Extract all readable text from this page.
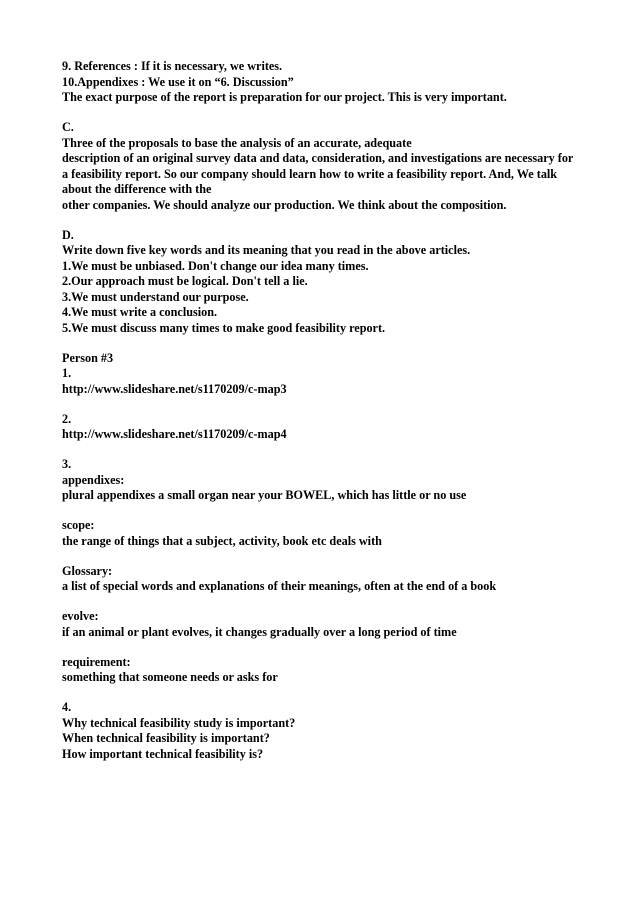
9. References : If it is necessary, we writes.
10.Appendixes : We use it on “6. Discussion”
The exact purpose of the report is preparation for our project. This is very important.
C.
Three of the proposals to base the analysis of an accurate, adequate
description of an original survey data and data, consideration, and investigations are necessary for a feasibility report. So our company should learn how to write a feasibility report. And, We talk about the difference with the
other companies. We should analyze our production. We think about the composition.
D.
Write down five key words and its meaning that you read in the above articles.
1.We must be unbiased. Don't change our idea many times.
2.Our approach must be logical. Don't tell a lie.
3.We must understand our purpose.
4.We must write a conclusion.
5.We must discuss many times to make good feasibility report.
Person #3
1.
http://www.slideshare.net/s1170209/c-map3
2.
http://www.slideshare.net/s1170209/c-map4
3.
appendixes:
plural appendixes a small organ near your BOWEL, which has little or no use
scope:
the range of things that a subject, activity, book etc deals with
Glossary:
a list of special words and explanations of their meanings, often at the end of a book
evolve:
if an animal or plant evolves, it changes gradually over a long period of time
requirement:
something that someone needs or asks for
4.
Why technical feasibility study is important?
When technical feasibility is important?
How important technical feasibility is?
